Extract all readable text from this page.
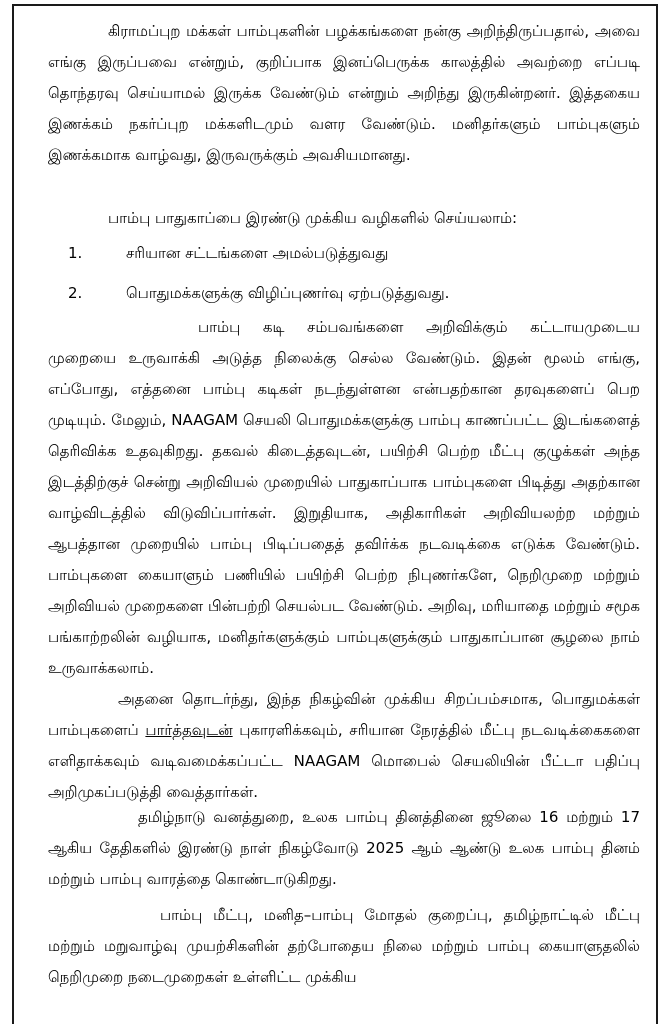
கிராமப்புற மக்கள் பாம்புகளின் பழக்கங்களை நன்கு அறிந்திருப்பதால், அவை எங்கு இருப்பவை என்றும், குறிப்பாக இனப்பெருக்க காலத்தில் அவற்றை எப்படி தொந்தரவு செய்யாமல் இருக்க வேண்டும் என்றும் அறிந்து இருகின்றனர். இத்தகைய இணக்கம் நகர்ப்புற மக்களிடமும் வளர வேண்டும். மனிதர்களும் பாம்புகளும் இணக்கமாக வாழ்வது, இருவருக்கும் அவசியமானது.

பாம்பு பாதுகாப்பை இரண்டு முக்கிய வழிகளில் செய்யலாம்:

1.	சரியான சட்டங்களை அமல்படுத்துவது
2.	பொதுமக்களுக்கு விழிப்புணர்வு ஏற்படுத்துவது.

பாம்பு கடி சம்பவங்களை அறிவிக்கும் கட்டாயமுடைய முறையை உருவாக்கி அடுத்த நிலைக்கு செல்ல வேண்டும். இதன் மூலம் எங்கு, எப்போது, எத்தனை பாம்பு கடிகள் நடந்துள்ளன என்பதற்கான தரவுகளைப் பெற முடியும். மேலும், NAAGAM செயலி பொதுமக்களுக்கு பாம்பு காணப்பட்ட இடங்களைத் தெரிவிக்க உதவுகிறது. தகவல் கிடைத்தவுடன், பயிற்சி பெற்ற மீட்பு குழுக்கள் அந்த இடத்திற்குச் சென்று அறிவியல் முறையில் பாதுகாப்பாக பாம்புகளை பிடித்து அதற்கான வாழ்விடத்தில் விடுவிப்பார்கள். இறுதியாக, அதிகாரிகள் அறிவியலற்ற மற்றும் ஆபத்தான முறையில் பாம்பு பிடிப்பதைத் தவிர்க்க நடவடிக்கை எடுக்க வேண்டும். பாம்புகளை கையாளும் பணியில் பயிற்சி பெற்ற நிபுணர்களே, நெறிமுறை மற்றும் அறிவியல் முறைகளை பின்பற்றி செயல்பட வேண்டும். அறிவு, மரியாதை மற்றும் சமூக பங்காற்றலின் வழியாக, மனிதர்களுக்கும் பாம்புகளுக்கும் பாதுகாப்பான சூழலை நாம் உருவாக்கலாம்.

அதனை தொடர்ந்து, இந்த நிகழ்வின் முக்கிய சிறப்பம்சமாக, பொதுமக்கள் பாம்புகளைப் பார்த்தவுடன் புகாரளிக்கவும், சரியான நேரத்தில் மீட்பு நடவடிக்கைகளை எளிதாக்கவும் வடிவமைக்கப்பட்ட NAAGAM மொபைல் செயலியின் பீட்டா பதிப்பு அறிமுகப்படுத்தி வைத்தார்கள்.

தமிழ்நாடு வனத்துறை, உலக பாம்பு தினத்தினை ஜூலை 16 மற்றும் 17 ஆகிய தேதிகளில் இரண்டு நாள் நிகழ்வோடு 2025 ஆம் ஆண்டு உலக பாம்பு தினம் மற்றும் பாம்பு வாரத்தை கொண்டாடுகிறது.

பாம்பு மீட்பு, மனித–பாம்பு மோதல் குறைப்பு, தமிழ்நாட்டில் மீட்பு மற்றும் மறுவாழ்வு முயற்சிகளின் தற்போதைய நிலை மற்றும் பாம்பு கையாளுதலில் நெறிமுறை நடைமுறைகள் உள்ளிட்ட முக்கிய
